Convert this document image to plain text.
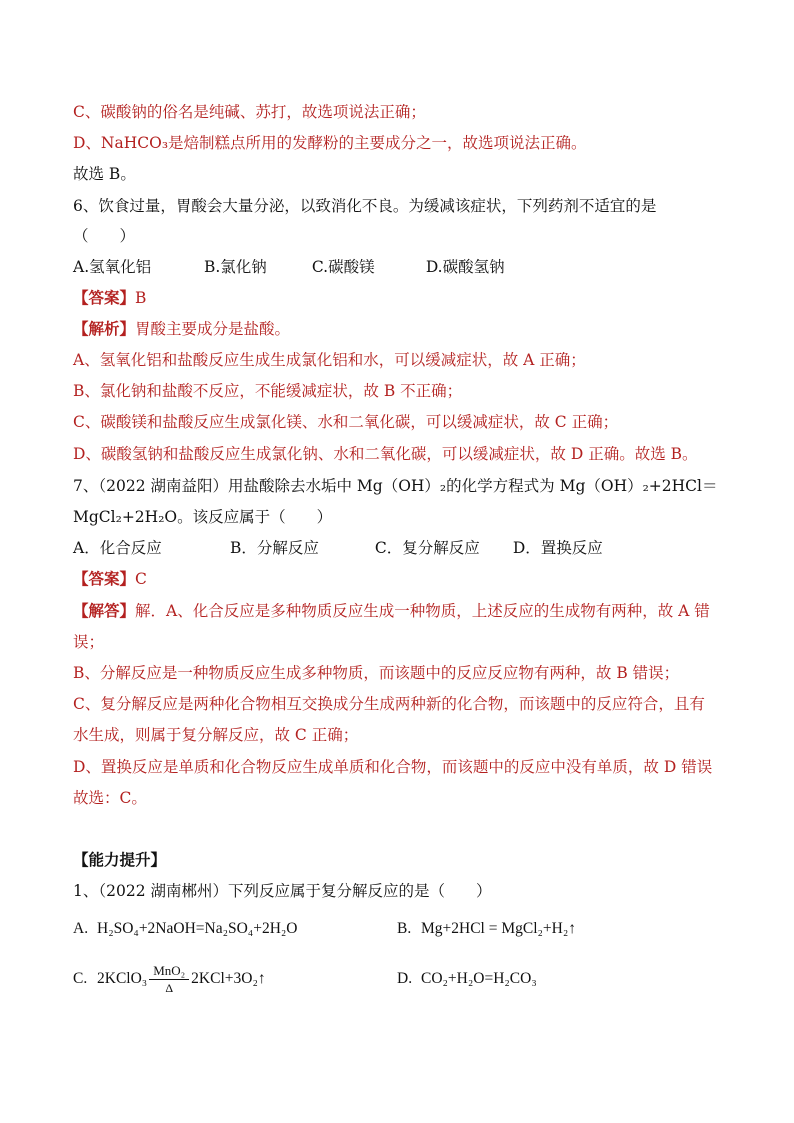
C、碳酸钠的俗名是纯碱、苏打，故选项说法正确；
D、NaHCO₃是焙制糕点所用的发酵粉的主要成分之一，故选项说法正确。
故选 B。
6、饮食过量，胃酸会大量分泌，以致消化不良。为缓减该症状，下列药剂不适宜的是
（　　）
A.氢氧化铝	B.氯化钠	C.碳酸镁	D.碳酸氢钠
【答案】B
【解析】胃酸主要成分是盐酸。
A、氢氧化铝和盐酸反应生成生成氯化铝和水，可以缓减症状，故 A 正确；
B、氯化钠和盐酸不反应，不能缓减症状，故 B 不正确；
C、碳酸镁和盐酸反应生成氯化镁、水和二氧化碳，可以缓减症状，故 C 正确；
D、碳酸氢钠和盐酸反应生成氯化钠、水和二氧化碳，可以缓减症状，故 D 正确。故选 B。
7、（2022 湖南益阳）用盐酸除去水垢中 Mg（OH）₂的化学方程式为 Mg（OH）₂+2HCl＝
MgCl₂+2H₂O。该反应属于（　　）
A．化合反应	B．分解反应	C．复分解反应 D．置换反应
【答案】C
【解答】解．A、化合反应是多种物质反应生成一种物质，上述反应的生成物有两种，故 A 错
误；
B、分解反应是一种物质反应生成多种物质，而该题中的反应反应物有两种，故 B 错误；
C、复分解反应是两种化合物相互交换成分生成两种新的化合物，而该题中的反应符合，且有
水生成，则属于复分解反应，故 C 正确；
D、置换反应是单质和化合物反应生成单质和化合物，而该题中的反应中没有单质，故 D 错误
故选：C。
【能力提升】
1、（2022 湖南郴州）下列反应属于复分解反应的是（　　）
A. H₂SO₄+2NaOH=Na₂SO₄+2H₂O	B. Mg+2HCl = MgCl₂+H₂↑
C. 2KClO₃ $\frac{\text{MnO₂}}{\Delta}$ 2KCl+3O₂↑	D. CO₂+H₂O=H₂CO₃
